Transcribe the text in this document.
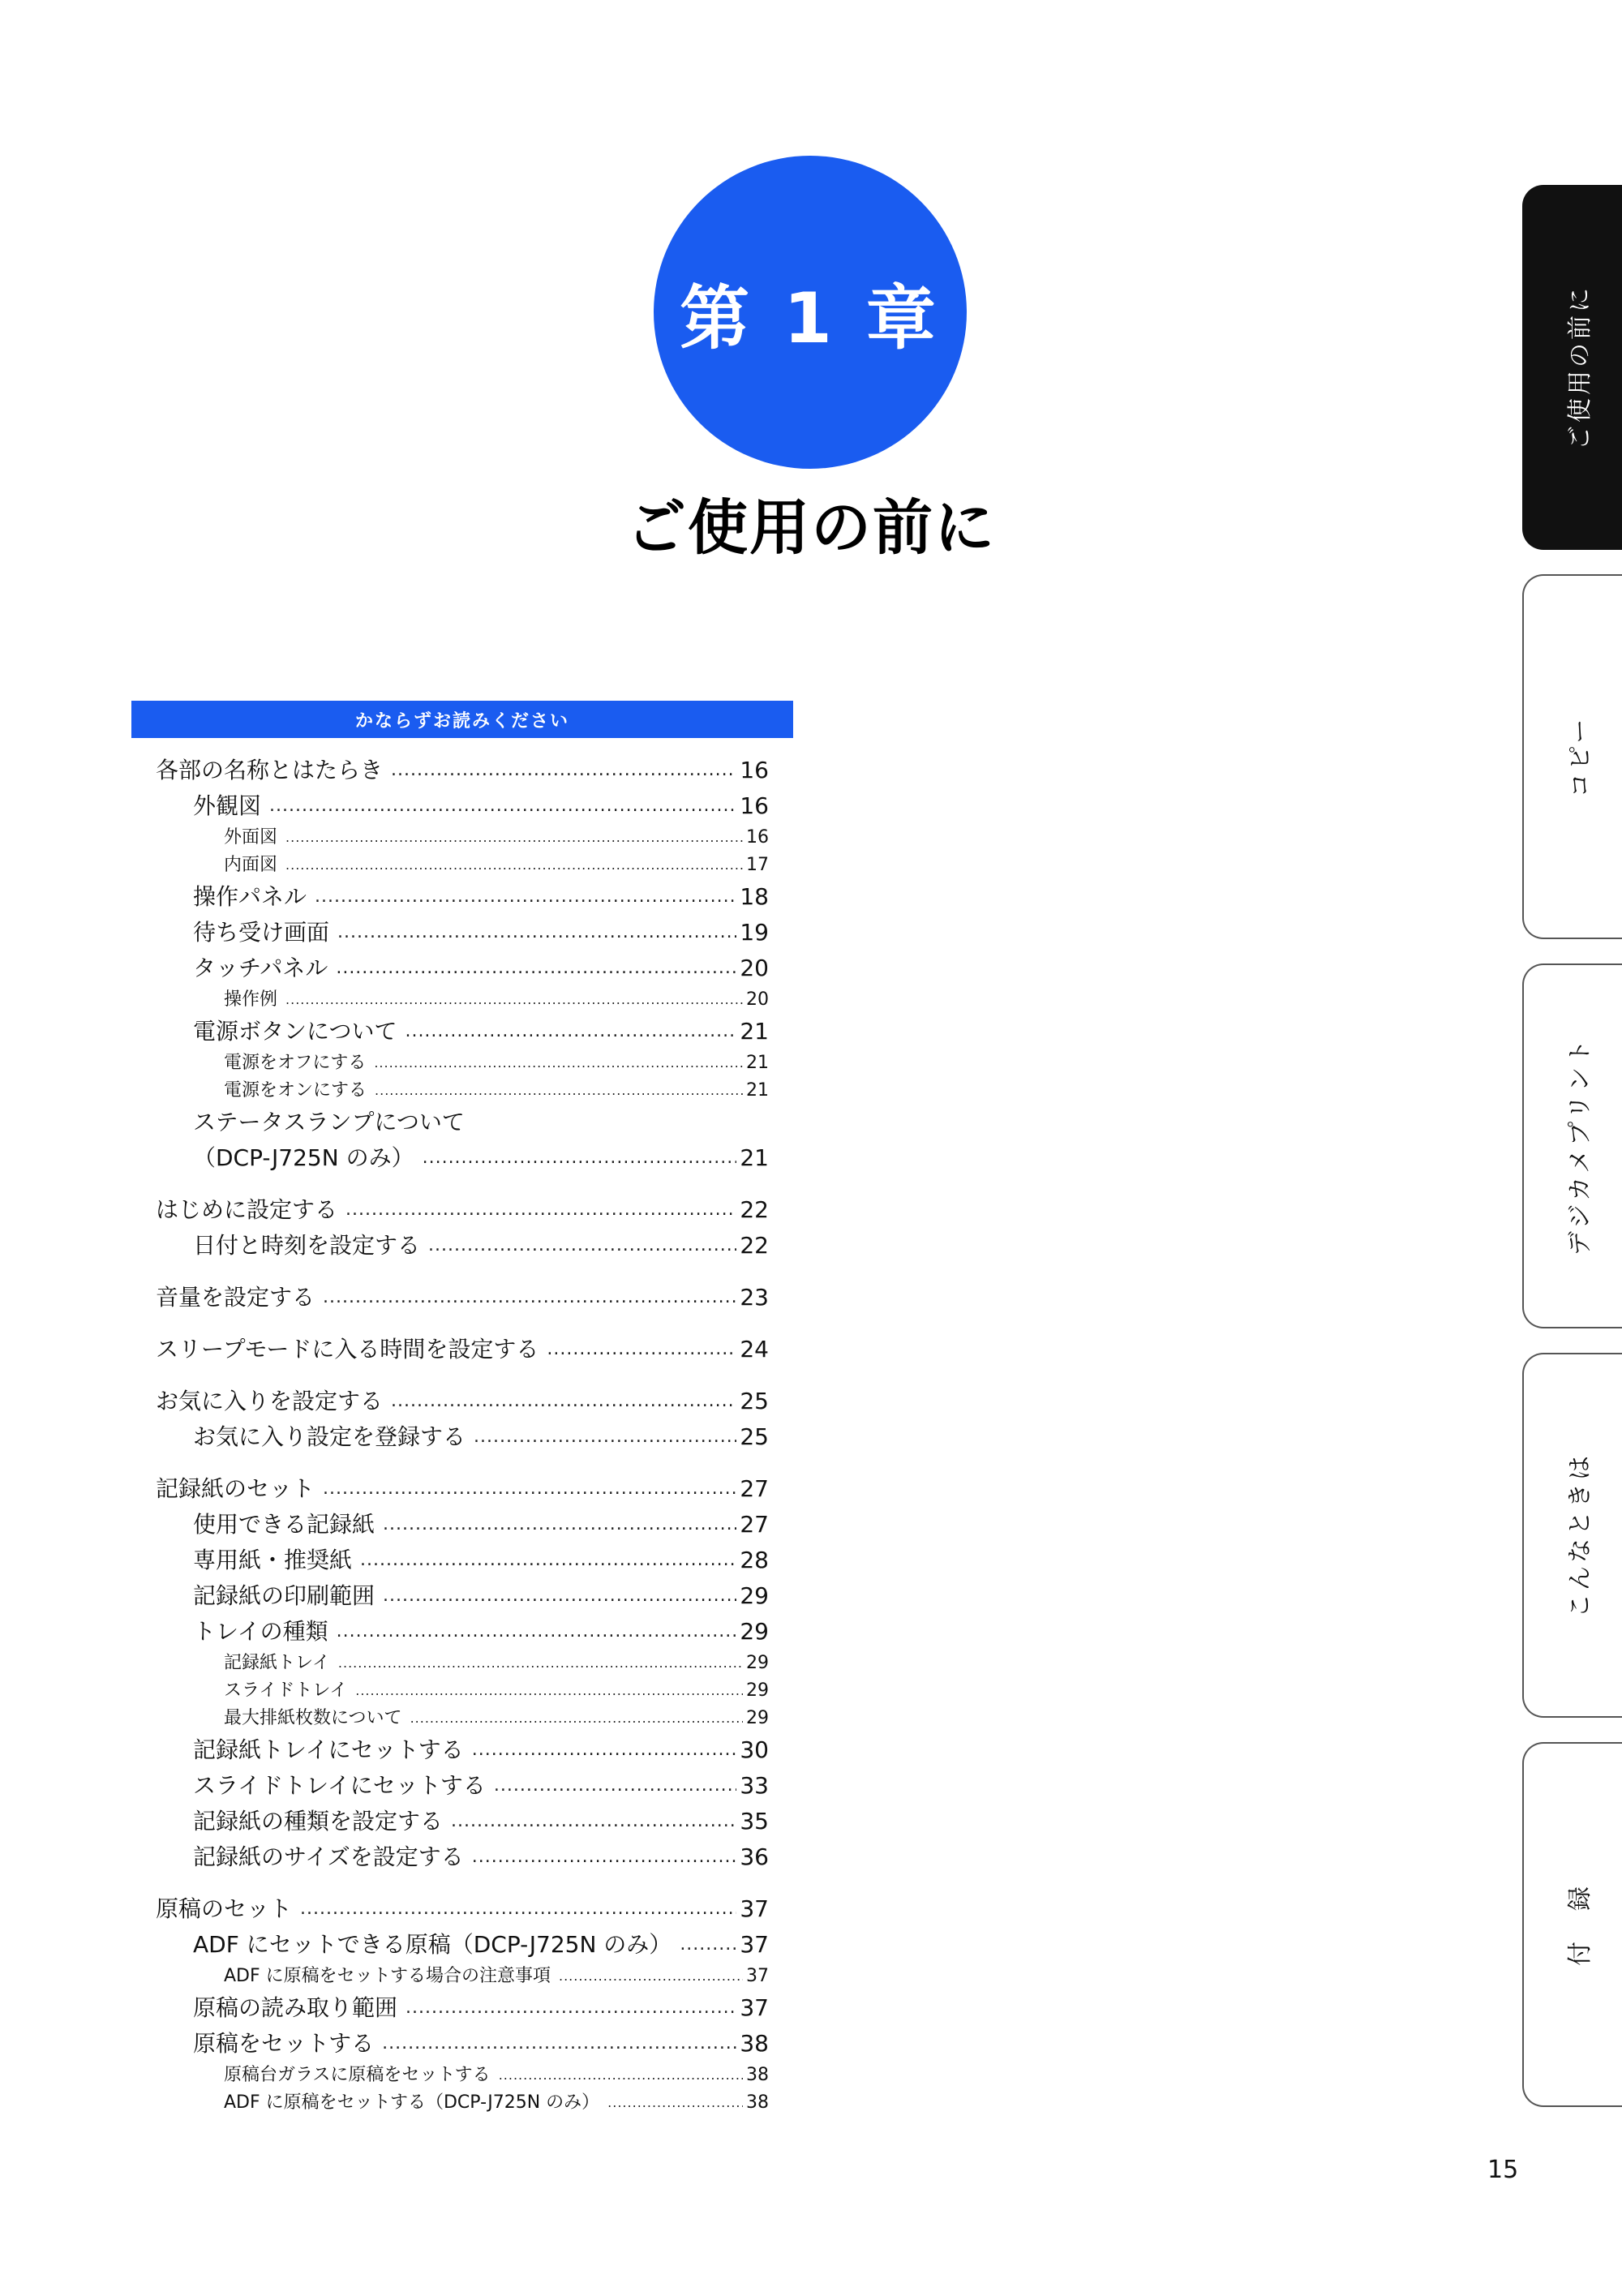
第 1 章
ご使用の前に
かならずお読みください
各部の名称とはたらき .....	16
外観図 .....	16
外面図 .....	16
内面図 .....	17
操作パネル .....	18
待ち受け画面 .....	19
タッチパネル .....	20
操作例 .....	20
電源ボタンについて .....	21
電源をオフにする .....	21
電源をオンにする .....	21
ステータスランプについて
（DCP-J725N のみ） .....	21
はじめに設定する .....	22
日付と時刻を設定する .....	22
音量を設定する .....	23
スリープモードに入る時間を設定する .....	24
お気に入りを設定する .....	25
お気に入り設定を登録する .....	25
記録紙のセット .....	27
使用できる記録紙 .....	27
専用紙・推奨紙 .....	28
記録紙の印刷範囲 .....	29
トレイの種類 .....	29
記録紙トレイ .....	29
スライドトレイ .....	29
最大排紙枚数について .....	29
記録紙トレイにセットする .....	30
スライドトレイにセットする .....	33
記録紙の種類を設定する .....	35
記録紙のサイズを設定する .....	36
原稿のセット .....	37
ADF にセットできる原稿（DCP-J725N のみ） .....	37
ADF に原稿をセットする場合の注意事項 .....	37
原稿の読み取り範囲 .....	37
原稿をセットする .....	38
原稿台ガラスに原稿をセットする .....	38
ADF に原稿をセットする（DCP-J725N のみ） .....	38
ご使用の前に
コピー
デジカメプリント
こんなときは
付　録
15
